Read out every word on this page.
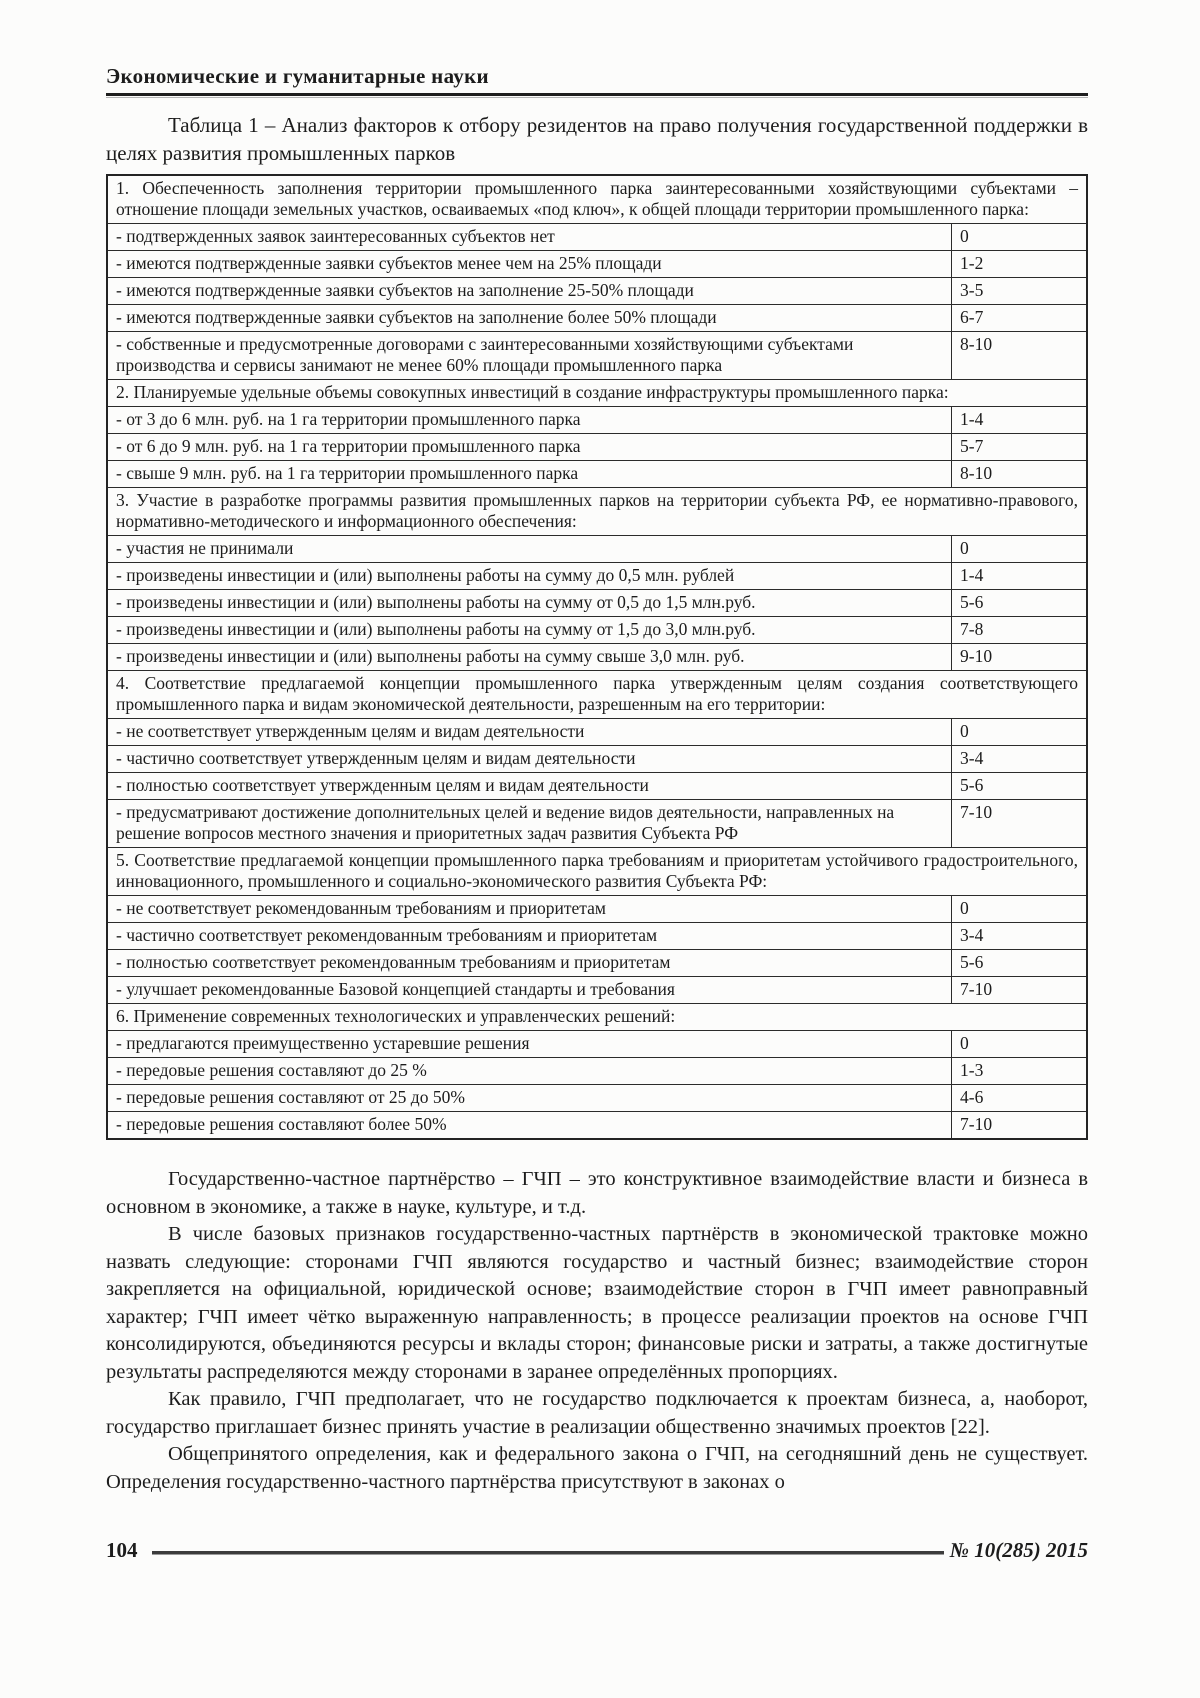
Экономические и гуманитарные науки
Таблица 1 – Анализ факторов к отбору резидентов на право получения государственной поддержки в целях развития промышленных парков
1. Обеспеченность заполнения территории промышленного парка заинтересованными хозяйствующими субъектами – отношение площади земельных участков, осваиваемых «под ключ», к общей площади территории промышленного парка:	
- подтвержденных заявок заинтересованных субъектов нет	0
- имеются подтвержденные заявки субъектов менее чем на 25% площади	1-2
- имеются подтвержденные заявки субъектов на заполнение 25-50% площади	3-5
- имеются подтвержденные заявки субъектов на заполнение более 50% площади	6-7
- собственные и предусмотренные договорами с заинтересованными хозяйствующими субъектами производства и сервисы занимают не менее 60% площади промышленного парка	8-10
2. Планируемые удельные объемы совокупных инвестиций в создание инфраструктуры промышленного парка:	
- от 3 до 6 млн. руб. на 1 га территории промышленного парка	1-4
- от 6 до 9 млн. руб. на 1 га территории промышленного парка	5-7
- свыше 9 млн. руб. на 1 га территории промышленного парка	8-10
3. Участие в разработке программы развития промышленных парков на территории субъекта РФ, ее нормативно-правового, нормативно-методического и информационного обеспечения:	
- участия не принимали	0
- произведены инвестиции и (или) выполнены работы на сумму до 0,5 млн. рублей	1-4
- произведены инвестиции и (или) выполнены работы на сумму от 0,5 до 1,5 млн.руб.	5-6
- произведены инвестиции и (или) выполнены работы на сумму от 1,5 до 3,0 млн.руб.	7-8
- произведены инвестиции и (или) выполнены работы на сумму свыше 3,0 млн. руб.	9-10
4. Соответствие предлагаемой концепции промышленного парка утвержденным целям создания соответствующего промышленного парка и видам экономической деятельности, разрешенным на его территории:	
- не соответствует утвержденным целям и видам деятельности	0
- частично соответствует утвержденным целям и видам деятельности	3-4
- полностью соответствует утвержденным целям и видам деятельности	5-6
- предусматривают достижение дополнительных целей и ведение видов деятельности, направленных на решение вопросов местного значения и приоритетных задач развития Субъекта РФ	7-10
5. Соответствие предлагаемой концепции промышленного парка требованиям и приоритетам устойчивого градостроительного, инновационного, промышленного и социально-экономического развития Субъекта РФ:	
- не соответствует рекомендованным требованиям и приоритетам	0
- частично соответствует рекомендованным требованиям и приоритетам	3-4
- полностью соответствует рекомендованным требованиям и приоритетам	5-6
- улучшает рекомендованные Базовой концепцией стандарты и требования	7-10
6. Применение современных технологических и управленческих решений:	
- предлагаются преимущественно устаревшие решения	0
- передовые решения составляют до 25 %	1-3
- передовые решения составляют от 25 до 50%	4-6
- передовые решения составляют более 50%	7-10

Государственно-частное партнёрство – ГЧП – это конструктивное взаимодействие власти и бизнеса в основном в экономике, а также в науке, культуре, и т.д.

В числе базовых признаков государственно-частных партнёрств в экономической трактовке можно назвать следующие: сторонами ГЧП являются государство и частный бизнес; взаимодействие сторон закрепляется на официальной, юридической основе; взаимодействие сторон в ГЧП имеет равноправный характер; ГЧП имеет чётко выраженную направленность; в процессе реализации проектов на основе ГЧП консолидируются, объединяются ресурсы и вклады сторон; финансовые риски и затраты, а также достигнутые результаты распределяются между сторонами в заранее определённых пропорциях.

Как правило, ГЧП предполагает, что не государство подключается к проектам бизнеса, а, наоборот, государство приглашает бизнес принять участие в реализации общественно значимых проектов [22].

Общепринятого определения, как и федерального закона о ГЧП, на сегодняшний день не существует. Определения государственно-частного партнёрства присутствуют в законах о

104	№ 10(285) 2015
